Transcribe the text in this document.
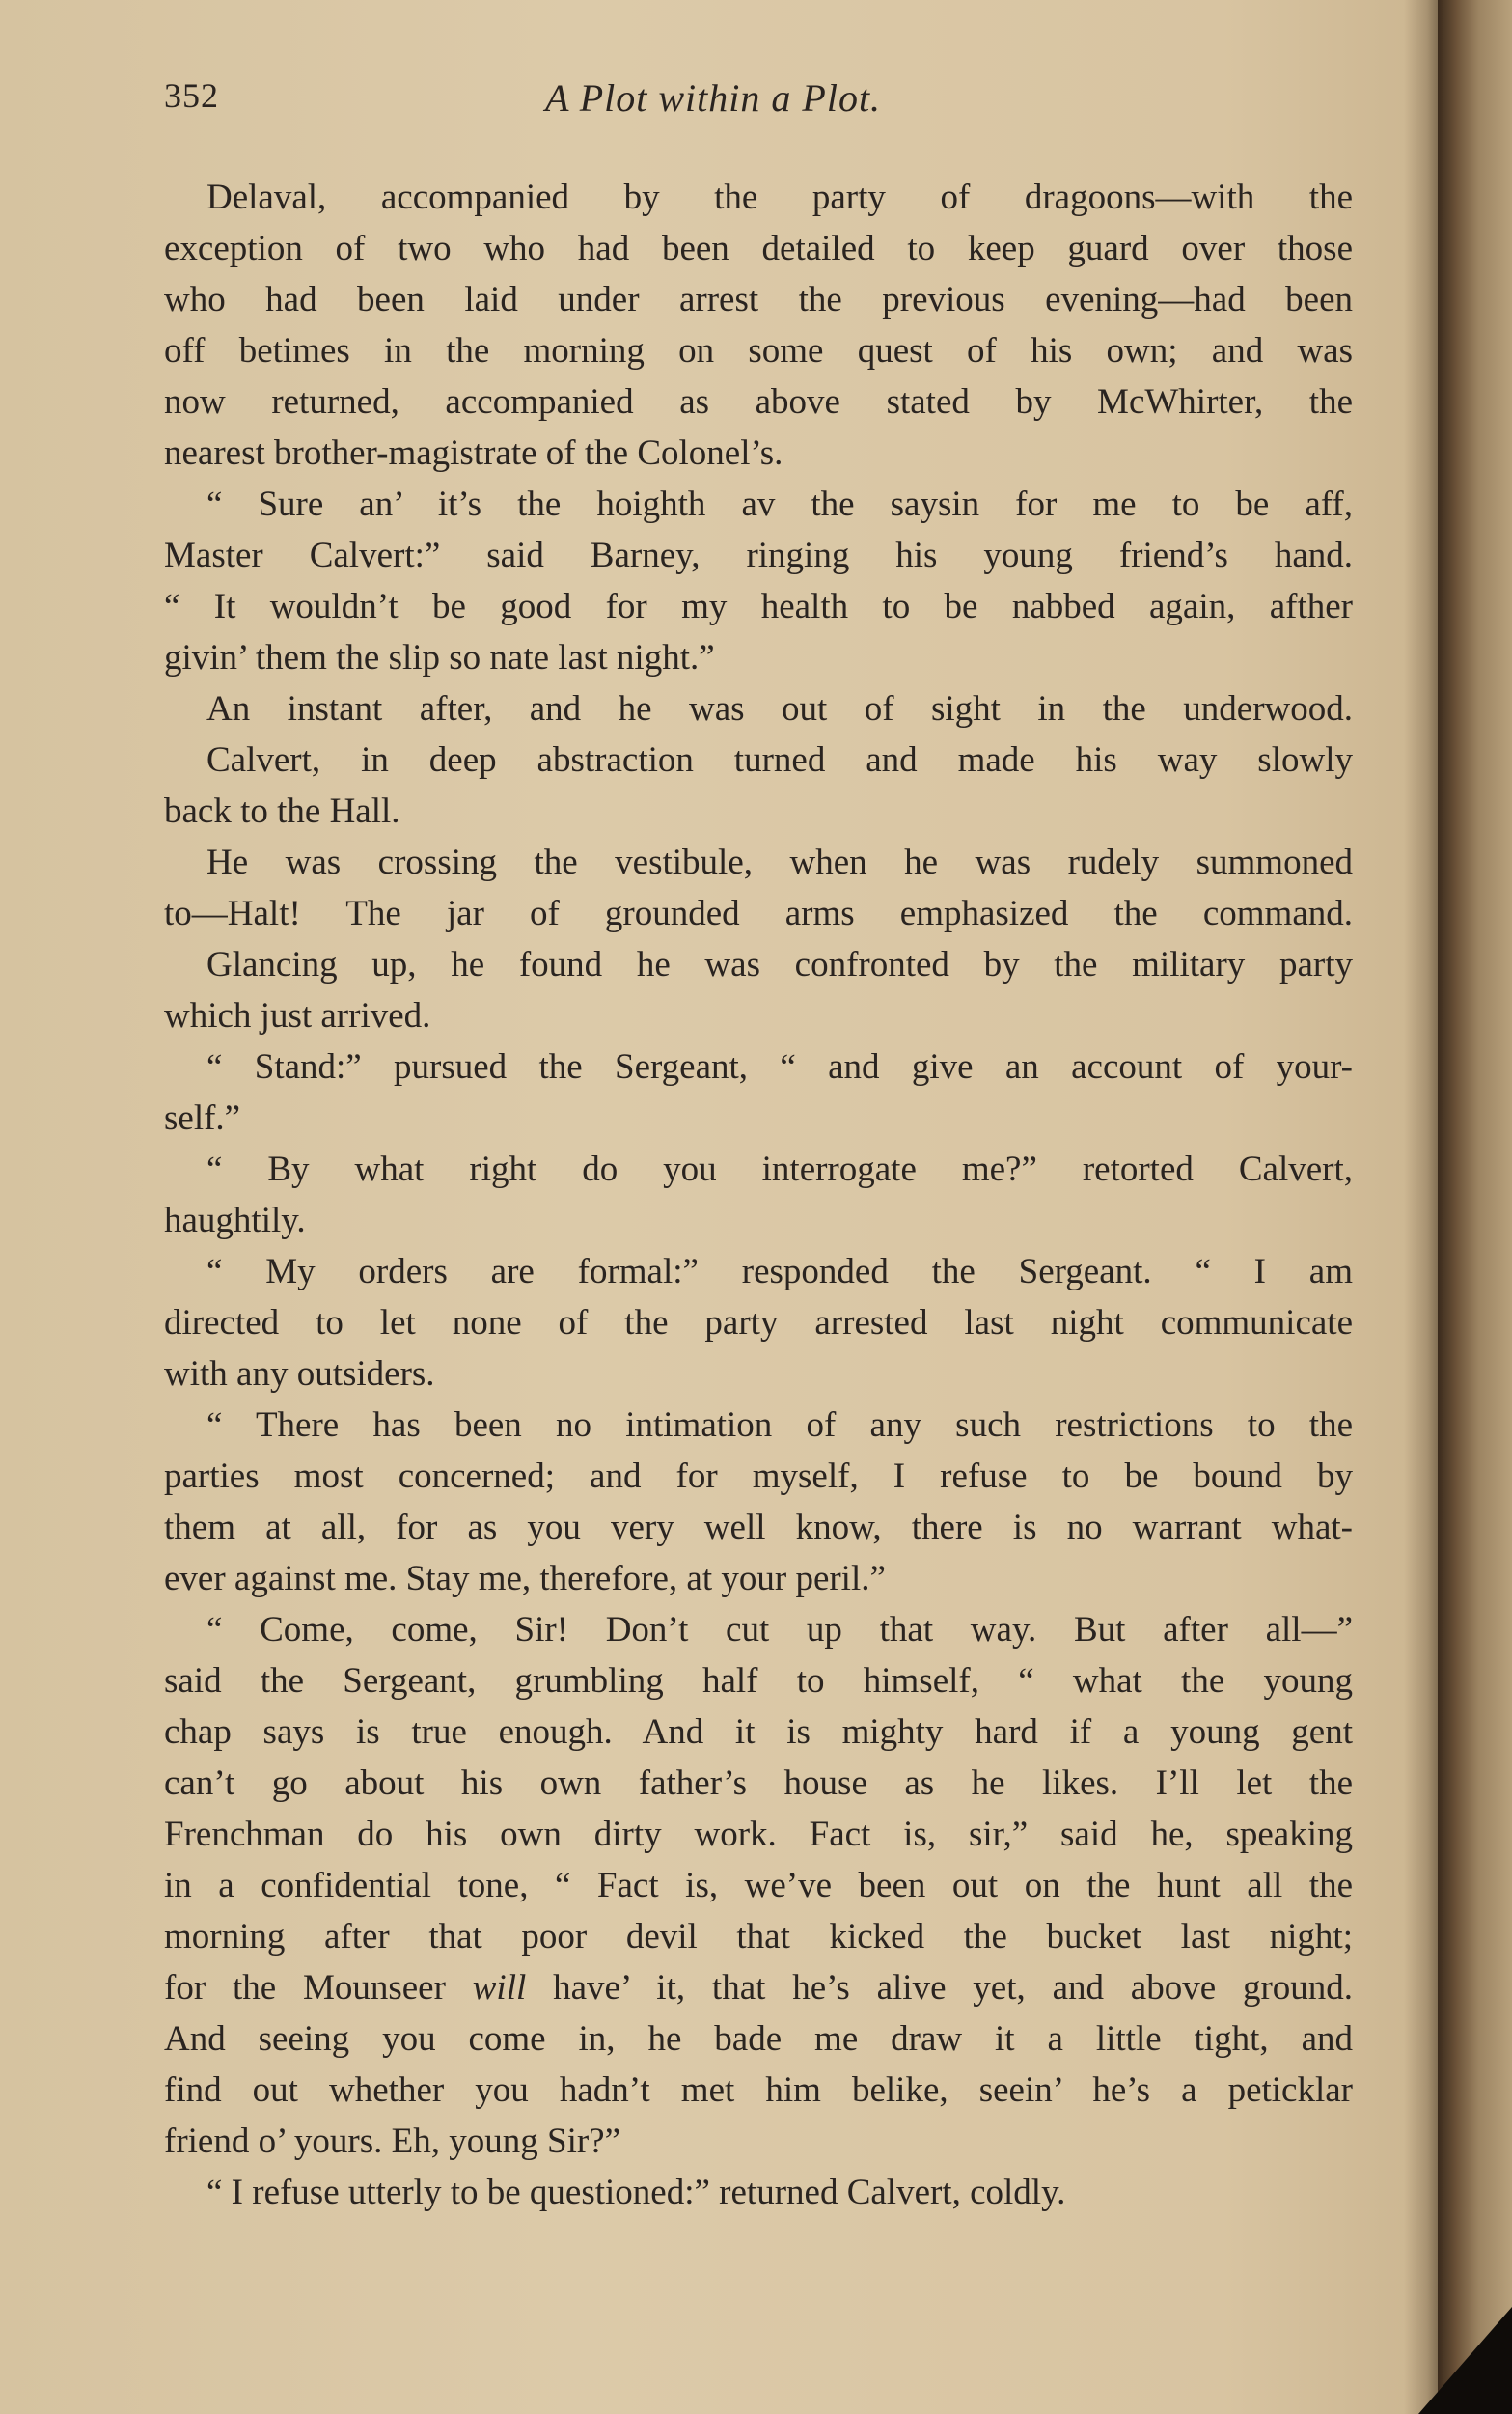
352	A Plot within a Plot.
Delaval, accompanied by the party of dragoons—with the
exception of two who had been detailed to keep guard over those
who had been laid under arrest the previous evening—had been
off betimes in the morning on some quest of his own; and was
now returned, accompanied as above stated by McWhirter, the
nearest brother-magistrate of the Colonel’s.
“ Sure an’ it’s the hoighth av the saysin for me to be aff,
Master Calvert:” said Barney, ringing his young friend’s hand.
“ It wouldn’t be good for my health to be nabbed again, afther
givin’ them the slip so nate last night.”
An instant after, and he was out of sight in the underwood.
Calvert, in deep abstraction turned and made his way slowly
back to the Hall.
He was crossing the vestibule, when he was rudely summoned
to—Halt! The jar of grounded arms emphasized the command.
Glancing up, he found he was confronted by the military party
which just arrived.
“ Stand:” pursued the Sergeant, “ and give an account of your-
self.”
“ By what right do you interrogate me?” retorted Calvert,
haughtily.
“ My orders are formal:” responded the Sergeant. “ I am
directed to let none of the party arrested last night communicate
with any outsiders.
“ There has been no intimation of any such restrictions to the
parties most concerned; and for myself, I refuse to be bound by
them at all, for as you very well know, there is no warrant what-
ever against me. Stay me, therefore, at your peril.”
“ Come, come, Sir! Don’t cut up that way. But after all—”
said the Sergeant, grumbling half to himself, “ what the young
chap says is true enough. And it is mighty hard if a young gent
can’t go about his own father’s house as he likes. I’ll let the
Frenchman do his own dirty work. Fact is, sir,” said he, speaking
in a confidential tone, “ Fact is, we’ve been out on the hunt all the
morning after that poor devil that kicked the bucket last night;
for the Mounseer will have’ it, that he’s alive yet, and above ground.
And seeing you come in, he bade me draw it a little tight, and
find out whether you hadn’t met him belike, seein’ he’s a peticklar
friend o’ yours. Eh, young Sir?”
“ I refuse utterly to be questioned:” returned Calvert, coldly.
